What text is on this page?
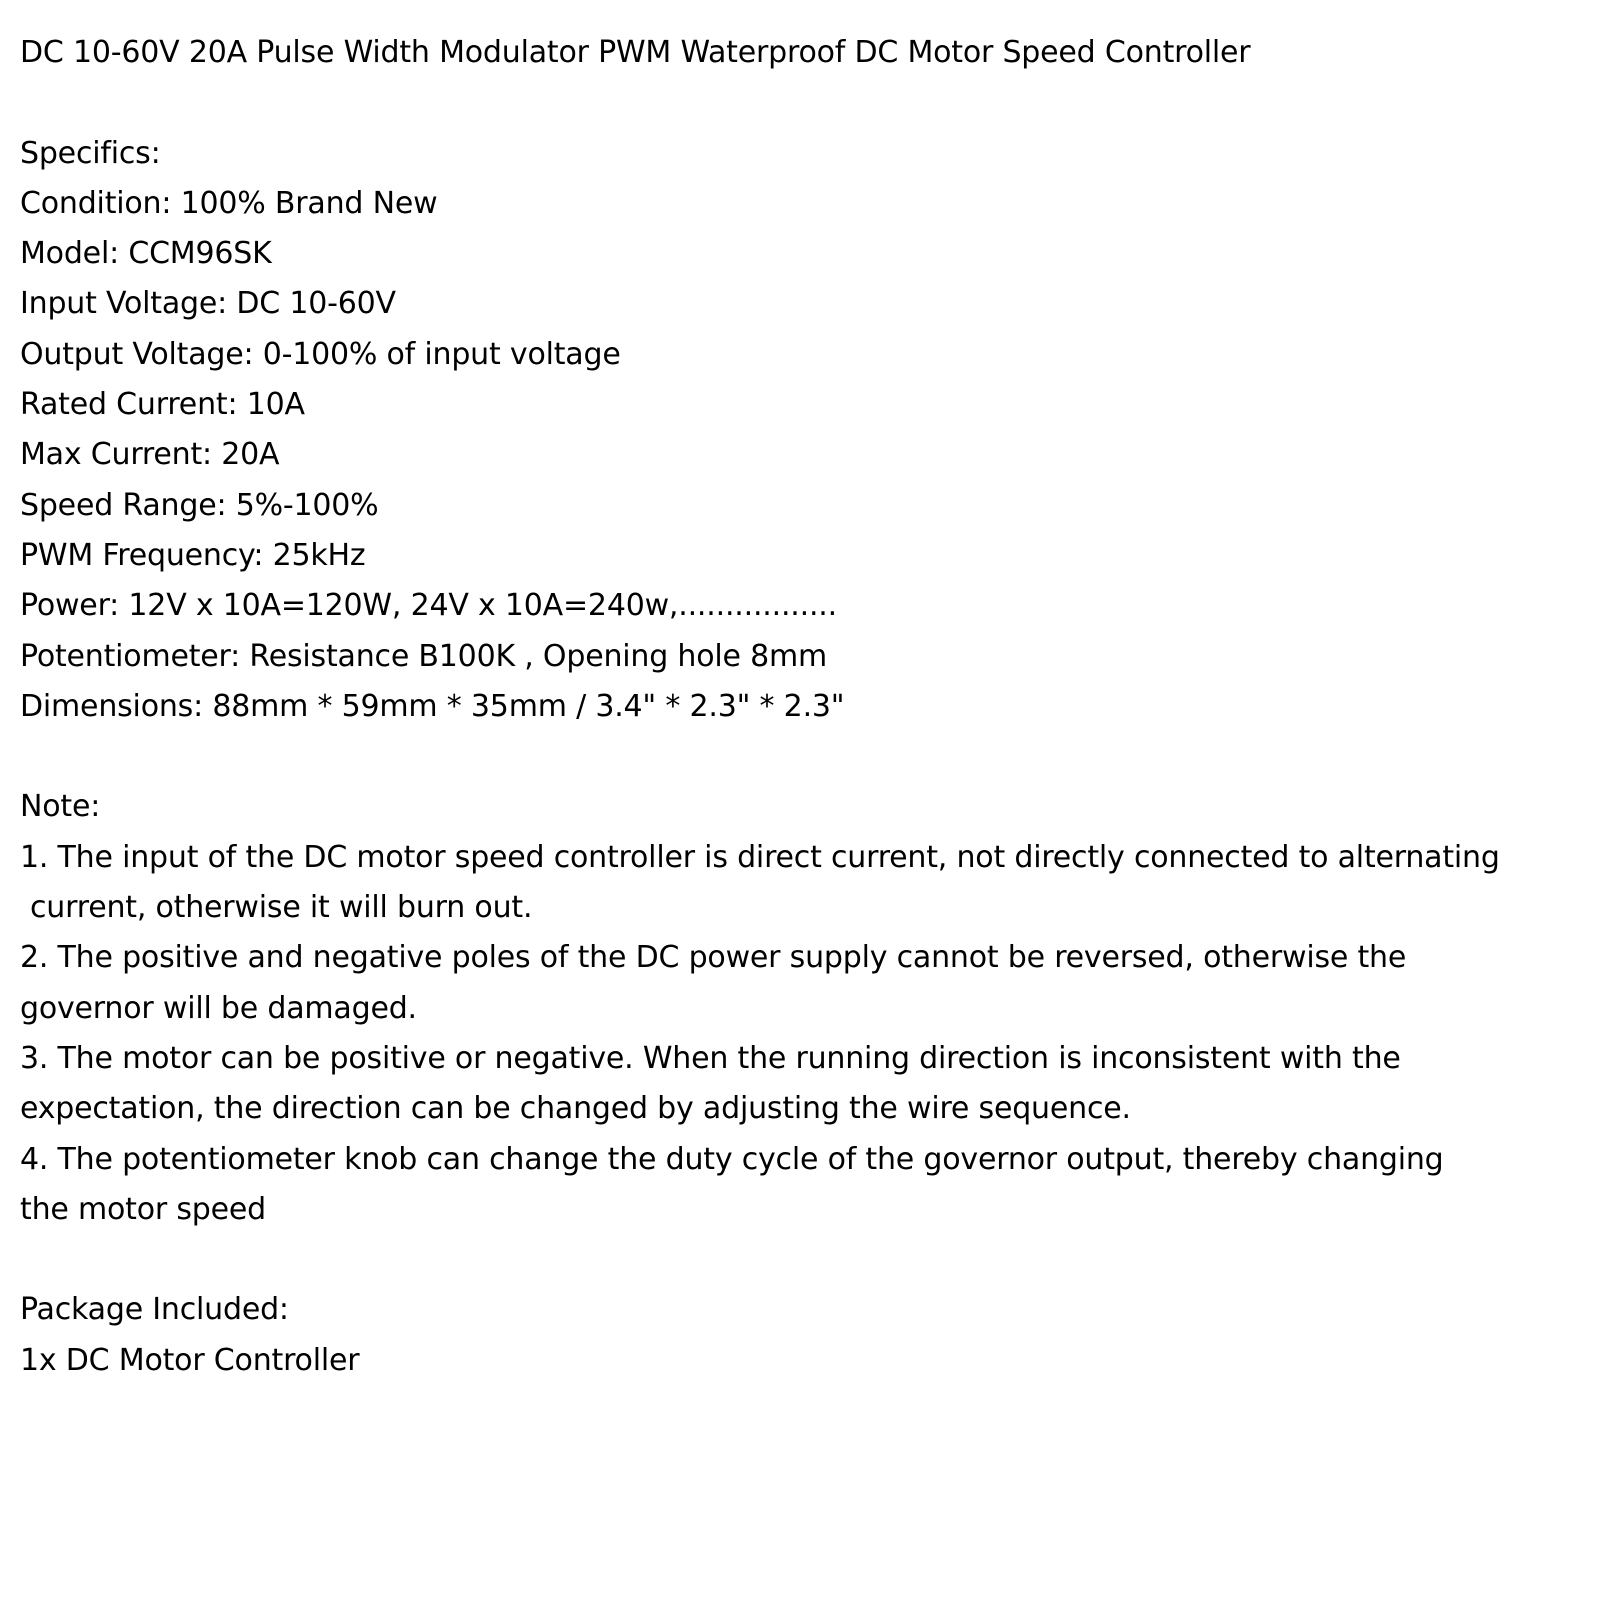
DC 10-60V 20A Pulse Width Modulator PWM Waterproof DC Motor Speed Controller
Specifics:
Condition: 100% Brand New
Model: CCM96SK
Input Voltage: DC 10-60V
Output Voltage: 0-100% of input voltage
Rated Current: 10A
Max Current: 20A
Speed Range: 5%-100%
PWM Frequency: 25kHz
Power: 12V x 10A=120W, 24V x 10A=240w,.................
Potentiometer: Resistance B100K , Opening hole 8mm
Dimensions: 88mm * 59mm * 35mm / 3.4" * 2.3" * 2.3"
Note:
1. The input of the DC motor speed controller is direct current, not directly connected to alternating
current, otherwise it will burn out.
2. The positive and negative poles of the DC power supply cannot be reversed, otherwise the
governor will be damaged.
3. The motor can be positive or negative. When the running direction is inconsistent with the
expectation, the direction can be changed by adjusting the wire sequence.
4. The potentiometer knob can change the duty cycle of the governor output, thereby changing
the motor speed
Package Included:
1x DC Motor Controller
